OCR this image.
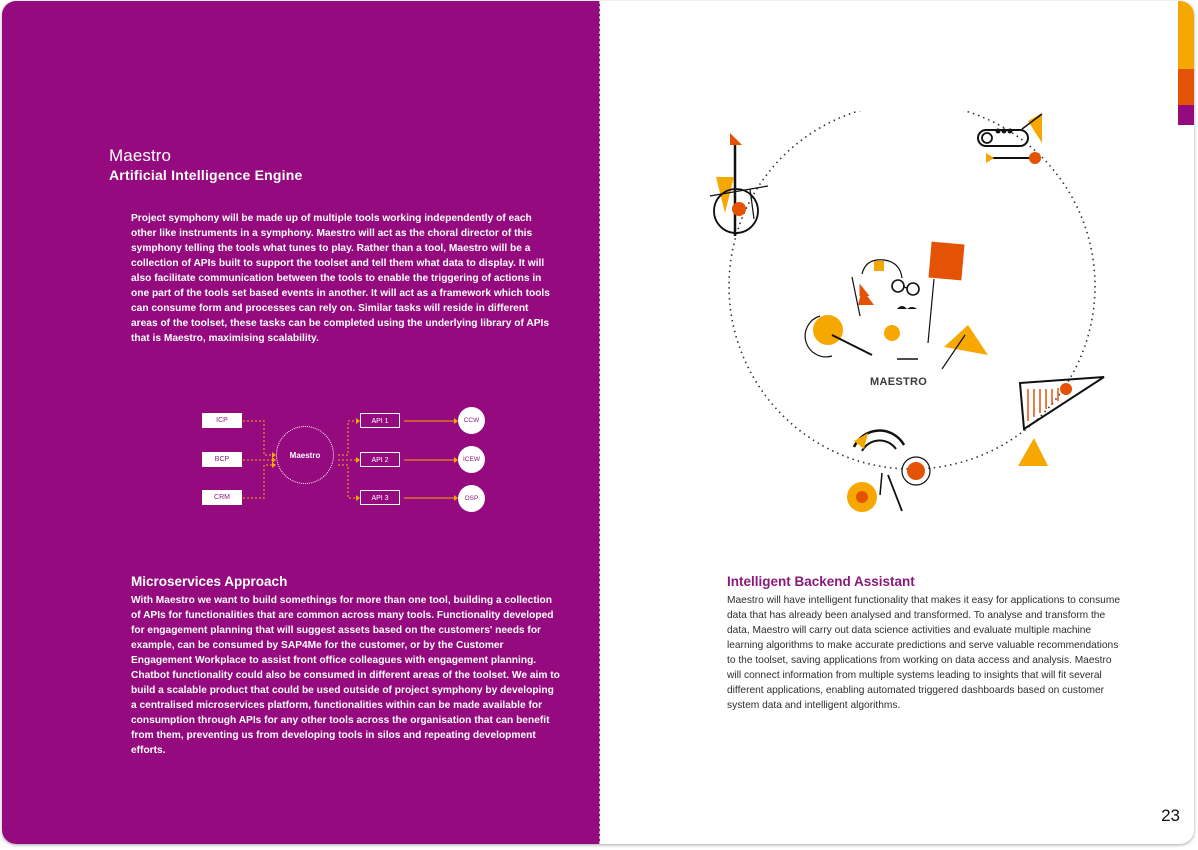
Maestro
Artificial Intelligence Engine

Project symphony will be made up of multiple tools working independently of each other like instruments in a symphony. Maestro will act as the choral director of this symphony telling the tools what tunes to play. Rather than a tool, Maestro will be a collection of APIs built to support the toolset and tell them what data to display. It will also facilitate communication between the tools to enable the triggering of actions in one part of the tools set based events in another. It will act as a framework which tools can consume form and processes can rely on. Similar tasks will reside in different areas of the toolset, these tasks can be completed using the underlying library of APIs that is Maestro, maximising scalability.

ICP
BCP
CRM
Maestro
API 1
API 2
API 3
CCW
ICEW
OSP
Microservices Approach

With Maestro we want to build somethings for more than one tool, building a collection of APIs for functionalities that are common across many tools. Functionality developed for engagement planning that will suggest assets based on the customers' needs for example, can be consumed by SAP4Me for the customer, or by the Customer Engagement Workplace to assist front office colleagues with engagement planning. Chatbot functionality could also be consumed in different areas of the toolset. We aim to build a scalable product that could be used outside of project symphony by developing a centralised microservices platform, functionalities within can be made available for consumption through APIs for any other tools across the organisation that can benefit from them, preventing us from developing tools in silos and repeating development efforts.

MAESTRO

Intelligent Backend Assistant

Maestro will have intelligent functionality that makes it easy for applications to consume data that has already been analysed and transformed. To analyse and transform the data, Maestro will carry out data science activities and evaluate multiple machine learning algorithms to make accurate predictions and serve valuable recommendations to the toolset, saving applications from working on data access and analysis. Maestro will connect information from multiple systems leading to insights that will fit several different applications, enabling automated triggered dashboards based on customer system data and intelligent algorithms.

23
